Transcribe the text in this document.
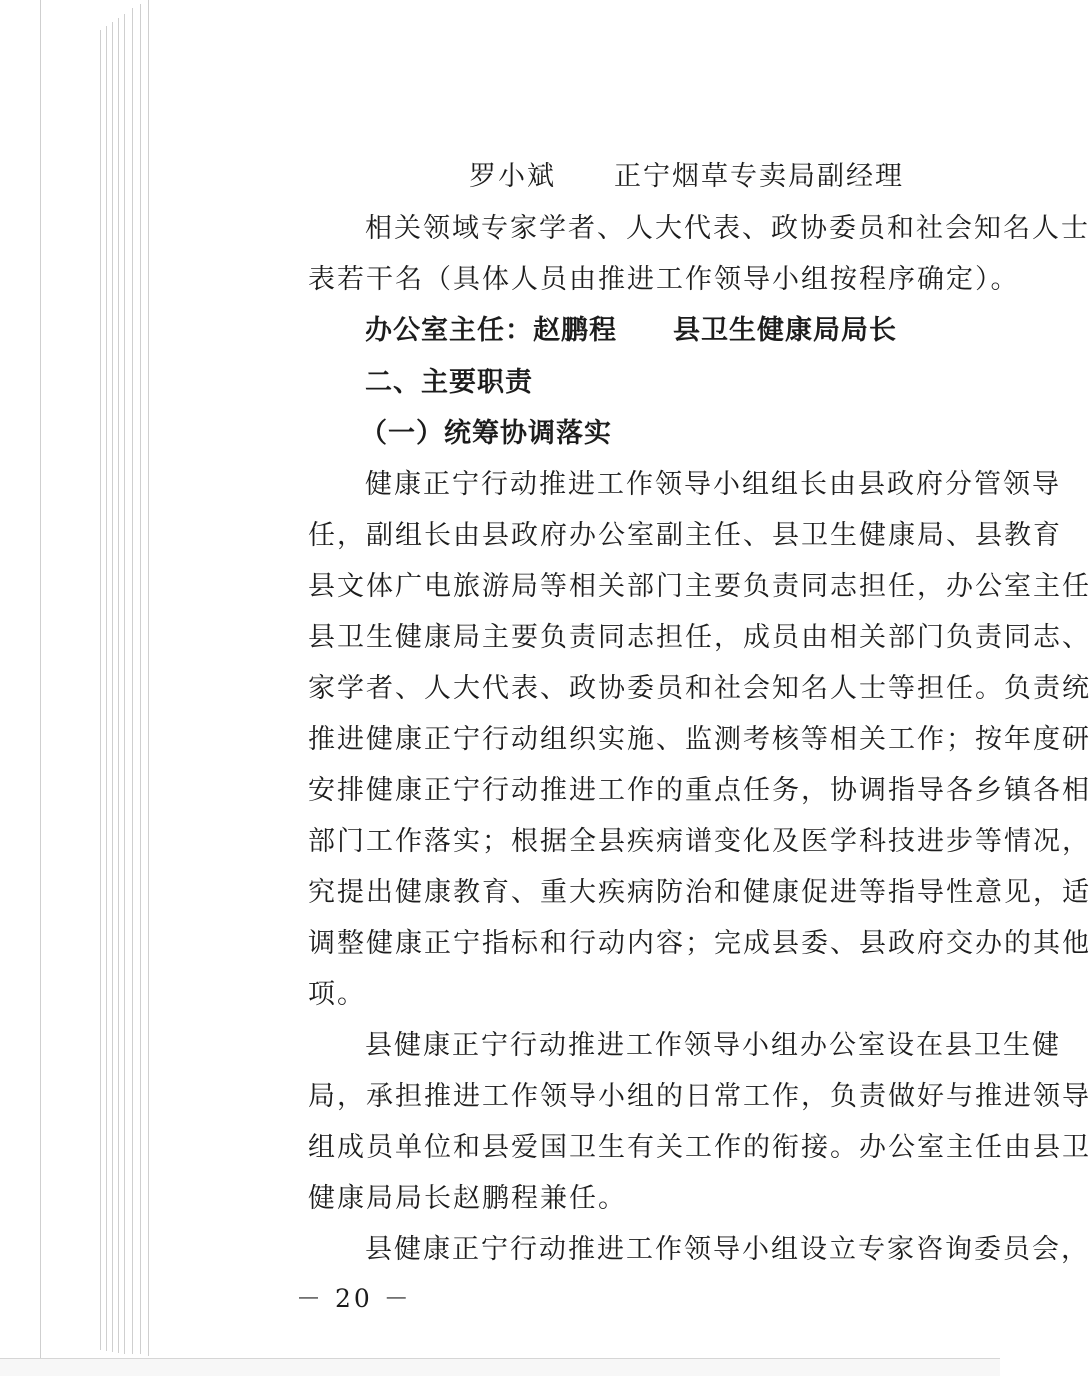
罗小斌　　正宁烟草专卖局副经理
相关领域专家学者、人大代表、政协委员和社会知名人士
表若干名（具体人员由推进工作领导小组按程序确定）。
办公室主任：赵鹏程　　县卫生健康局局长
二、主要职责
（一）统筹协调落实
健康正宁行动推进工作领导小组组长由县政府分管领导
任，副组长由县政府办公室副主任、县卫生健康局、县教育
县文体广电旅游局等相关部门主要负责同志担任，办公室主任
县卫生健康局主要负责同志担任，成员由相关部门负责同志、
家学者、人大代表、政协委员和社会知名人士等担任。负责统
推进健康正宁行动组织实施、监测考核等相关工作；按年度研
安排健康正宁行动推进工作的重点任务，协调指导各乡镇各相
部门工作落实；根据全县疾病谱变化及医学科技进步等情况，
究提出健康教育、重大疾病防治和健康促进等指导性意见，适
调整健康正宁指标和行动内容；完成县委、县政府交办的其他
项。
县健康正宁行动推进工作领导小组办公室设在县卫生健
局，承担推进工作领导小组的日常工作，负责做好与推进领导
组成员单位和县爱国卫生有关工作的衔接。办公室主任由县卫
健康局局长赵鹏程兼任。
县健康正宁行动推进工作领导小组设立专家咨询委员会，
－ 20 －
